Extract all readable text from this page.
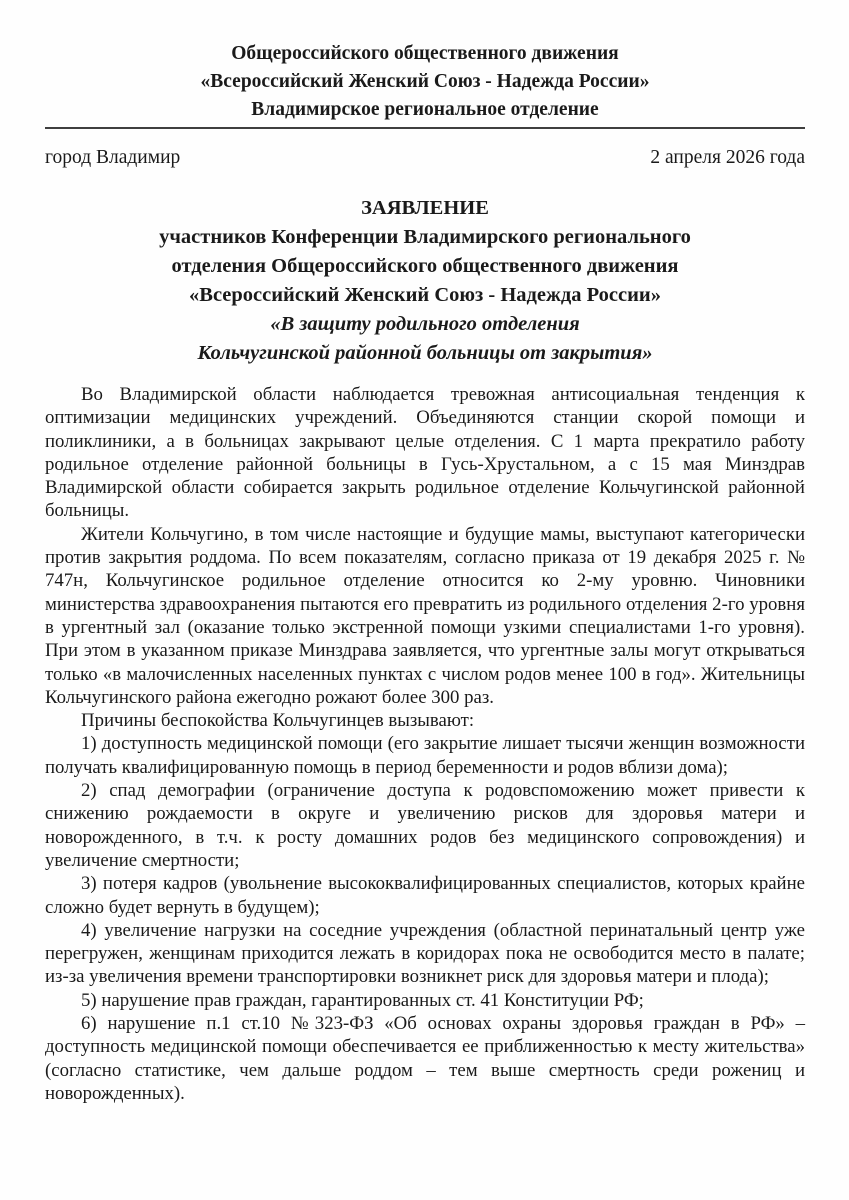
Общероссийского общественного движения
«Всероссийский Женский Союз - Надежда России»
Владимирское региональное отделение
город Владимир	2 апреля 2026 года
ЗАЯВЛЕНИЕ
участников Конференции Владимирского регионального
отделения Общероссийского общественного движения
«Всероссийский Женский Союз - Надежда России»
«В защиту родильного отделения
Кольчугинской районной больницы от закрытия»

Во Владимирской области наблюдается тревожная антисоциальная тенденция к оптимизации медицинских учреждений. Объединяются станции скорой помощи и поликлиники, а в больницах закрывают целые отделения. С 1 марта прекратило работу родильное отделение районной больницы в Гусь-Хрустальном, а с 15 мая Минздрав Владимирской области собирается закрыть родильное отделение Кольчугинской районной больницы.

Жители Кольчугино, в том числе настоящие и будущие мамы, выступают категорически против закрытия роддома. По всем показателям, согласно приказа от 19 декабря 2025 г. № 747н, Кольчугинское родильное отделение относится ко 2-му уровню. Чиновники министерства здравоохранения пытаются его превратить из родильного отделения 2-го уровня в ургентный зал (оказание только экстренной помощи узкими специалистами 1-го уровня). При этом в указанном приказе Минздрава заявляется, что ургентные залы могут открываться только «в малочисленных населенных пунктах с числом родов менее 100 в год». Жительницы Кольчугинского района ежегодно рожают более 300 раз.

Причины беспокойства Кольчугинцев вызывают:

1) доступность медицинской помощи (его закрытие лишает тысячи женщин возможности получать квалифицированную помощь в период беременности и родов вблизи дома);

2) спад демографии (ограничение доступа к родовспоможению может привести к снижению рождаемости в округе и увеличению рисков для здоровья матери и новорожденного, в т.ч. к росту домашних родов без медицинского сопровождения) и увеличение смертности;

3) потеря кадров (увольнение высококвалифицированных специалистов, которых крайне сложно будет вернуть в будущем);

4) увеличение нагрузки на соседние учреждения (областной перинатальный центр уже перегружен, женщинам приходится лежать в коридорах пока не освободится место в палате; из-за увеличения времени транспортировки возникнет риск для здоровья матери и плода);

5) нарушение прав граждан, гарантированных ст. 41 Конституции РФ;

6) нарушение п.1 ст.10 №323-ФЗ «Об основах охраны здоровья граждан в РФ» – доступность медицинской помощи обеспечивается ее приближенностью к месту жительства» (согласно статистике, чем дальше роддом – тем выше смертность среди рожениц и новорожденных).
